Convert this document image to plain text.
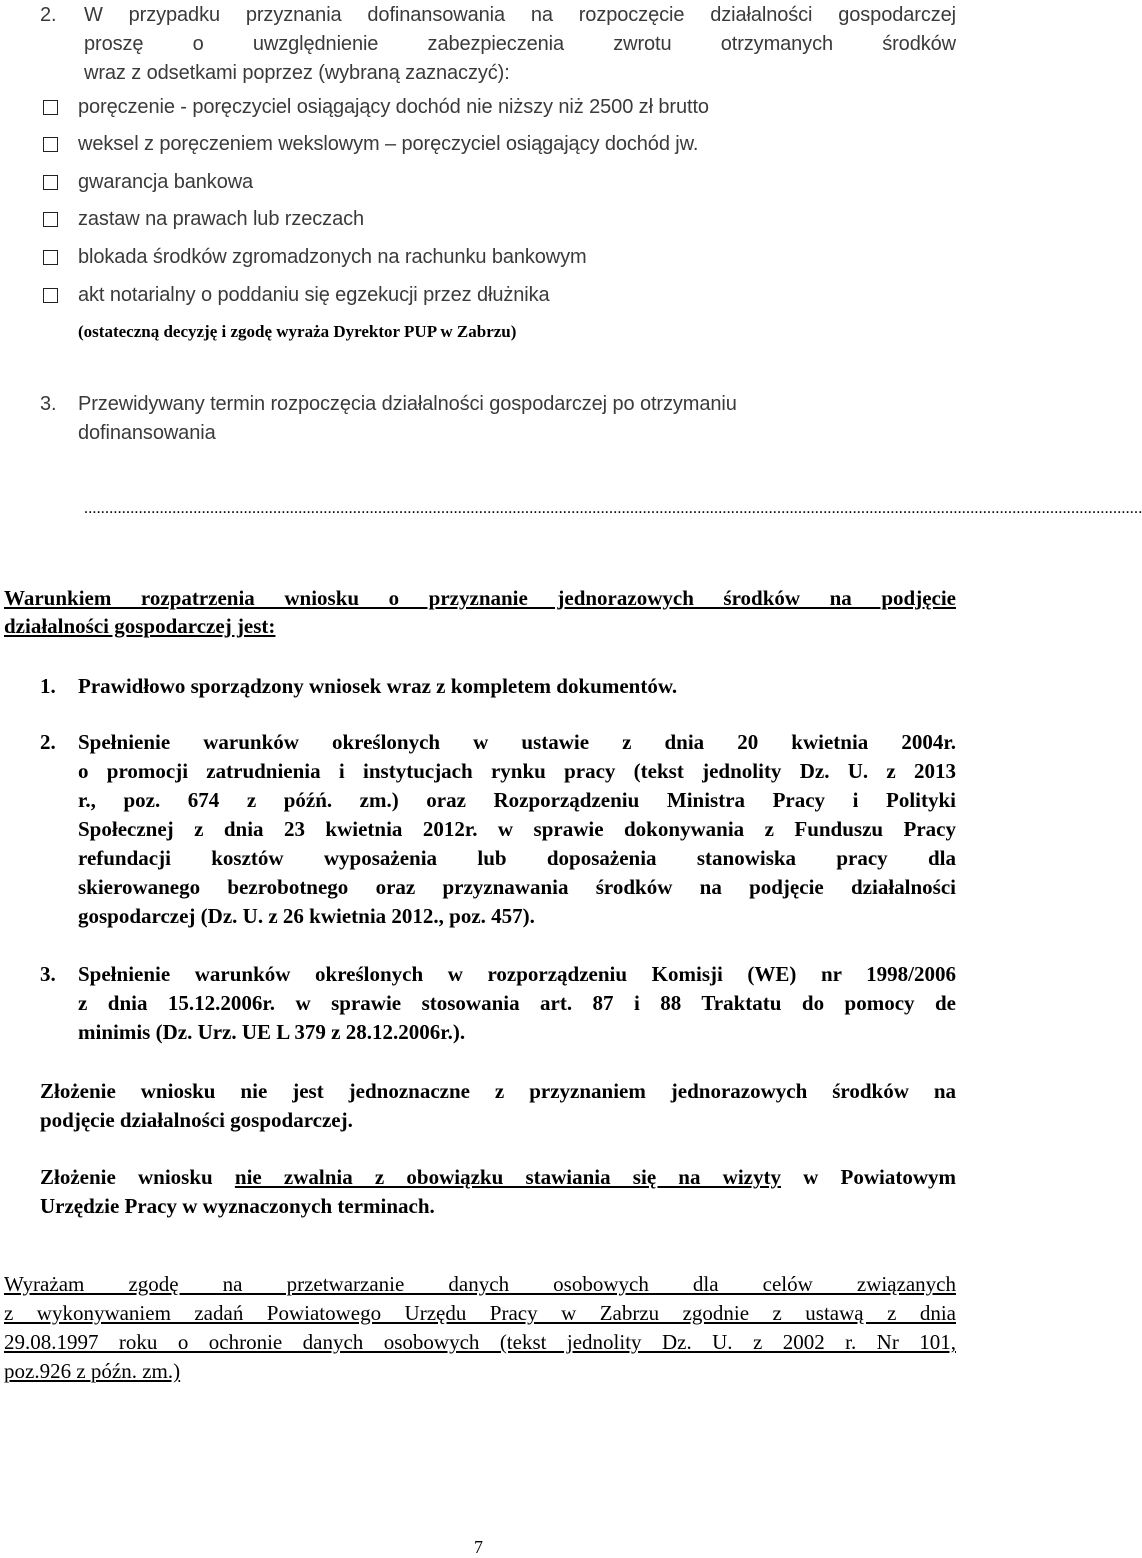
2. W przypadku przyznania dofinansowania na rozpoczęcie działalności gospodarczej
proszę o uwzględnienie zabezpieczenia zwrotu otrzymanych środków
wraz z odsetkami poprzez (wybraną zaznaczyć):
poręczenie - poręczyciel osiągający dochód nie niższy niż 2500 zł brutto
weksel z poręczeniem wekslowym – poręczyciel osiągający dochód jw.
gwarancja bankowa
zastaw na prawach lub rzeczach
blokada środków zgromadzonych na rachunku bankowym
akt notarialny o poddaniu się egzekucji przez dłużnika
(ostateczną decyzję i zgodę wyraża Dyrektor PUP w Zabrzu)
3. Przewidywany termin rozpoczęcia działalności gospodarczej po otrzymaniu
dofinansowania
............................................................................................................................................................................................................................................................
Warunkiem rozpatrzenia wniosku o przyznanie jednorazowych środków na podjęcie
działalności gospodarczej jest:
1. Prawidłowo sporządzony wniosek wraz z kompletem dokumentów.
2. Spełnienie warunków określonych w ustawie z dnia 20 kwietnia 2004r.
o promocji zatrudnienia i instytucjach rynku pracy (tekst jednolity Dz. U. z 2013
r., poz. 674 z późń. zm.) oraz Rozporządzeniu Ministra Pracy i Polityki
Społecznej z dnia 23 kwietnia 2012r. w sprawie dokonywania z Funduszu Pracy
refundacji kosztów wyposażenia lub doposażenia stanowiska pracy dla
skierowanego bezrobotnego oraz przyznawania środków na podjęcie działalności
gospodarczej (Dz. U. z 26 kwietnia 2012., poz. 457).
3. Spełnienie warunków określonych w rozporządzeniu Komisji (WE) nr 1998/2006
z dnia 15.12.2006r. w sprawie stosowania art. 87 i 88 Traktatu do pomocy de
minimis (Dz. Urz. UE L 379 z 28.12.2006r.).
Złożenie wniosku nie jest jednoznaczne z przyznaniem jednorazowych środków na
podjęcie działalności gospodarczej.
Złożenie wniosku nie zwalnia z obowiązku stawiania się na wizyty w Powiatowym
Urzędzie Pracy w wyznaczonych terminach.
Wyrażam zgodę na przetwarzanie danych osobowych dla celów związanych
z wykonywaniem zadań Powiatowego Urzędu Pracy w Zabrzu zgodnie z ustawą z dnia
29.08.1997 roku o ochronie danych osobowych (tekst jednolity Dz. U. z 2002 r. Nr 101,
poz.926 z późn. zm.)
7
